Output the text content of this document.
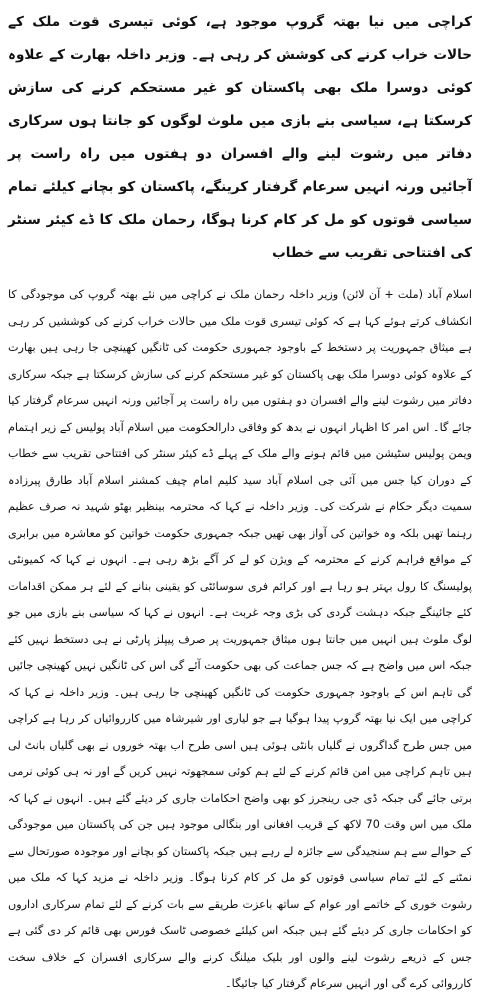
کراچی میں نیا بھتہ گروپ موجود ہے، کوئی تیسری قوت ملک کے حالات خراب کرنے کی کوشش کر رہی ہے۔ وزیر داخلہ بھارت کے علاوہ کوئی دوسرا ملک بھی پاکستان کو غیر مستحکم کرنے کی سازش کرسکتا ہے، سیاسی بنے بازی میں ملوث لوگوں کو جانتا ہوں سرکاری دفاتر میں رشوت لینے والے افسران دو ہفتوں میں راہ راست پر آجائیں ورنہ انہیں سرعام گرفتار کرینگے، پاکستان کو بچانے کیلئے تمام سیاسی قوتوں کو مل کر کام کرنا ہوگا، رحمان ملک کا ڈے کیئر سنٹر کی افتتاحی تقریب سے خطاب

اسلام آباد (ملت + آن لائن) وزیر داخلہ رحمان ملک نے کراچی میں نئے بھتہ گروپ کی موجودگی کا انکشاف کرتے ہوئے کہا ہے کہ کوئی تیسری قوت ملک میں حالات خراب کرنے کی کوششیں کر رہی ہے میثاق جمہوریت پر دستخط کے باوجود جمہوری حکومت کی ٹانگیں کھینچی جا رہی ہیں بھارت کے علاوہ کوئی دوسرا ملک بھی پاکستان کو غیر مستحکم کرنے کی سازش کرسکتا ہے جبکہ سرکاری دفاتر میں رشوت لینے والے افسران دو ہفتوں میں راہ راست پر آجائیں ورنہ انہیں سرعام گرفتار کیا جائے گا۔ اس امر کا اظہار انہوں نے بدھ کو وفاقی دارالحکومت میں اسلام آباد پولیس کے زیر اہتمام ویمن پولیس سٹیشن میں قائم ہونے والے ملک کے پہلے ڈے کیئر سنٹر کی افتتاحی تقریب سے خطاب کے دوران کیا جس میں آئی جی اسلام آباد سید کلیم امام چیف کمشنر اسلام آباد طارق پیرزادہ سمیت دیگر حکام نے شرکت کی۔ وزیر داخلہ نے کہا کہ محترمہ بینظیر بھٹو شہید نہ صرف عظیم رہنما تھیں بلکہ وہ خواتین کی آواز بھی تھیں جبکہ جمہوری حکومت خواتین کو معاشرہ میں برابری کے مواقع فراہم کرنے کے محترمہ کے ویژن کو لے کر آگے بڑھ رہی ہے۔ انہوں نے کہا کہ کمیونٹی پولیسنگ کا رول بہتر ہو رہا ہے اور کرائم فری سوسائٹی کو یقینی بنانے کے لئے ہر ممکن اقدامات کئے جائینگے جبکہ دہشت گردی کی بڑی وجہ غربت ہے۔ انہوں نے کہا کہ سیاسی بنے بازی میں جو لوگ ملوث ہیں انہیں میں جانتا ہوں میثاق جمہوریت پر صرف پیپلز پارٹی نے ہی دستخط نہیں کئے جبکہ اس میں واضح ہے کہ جس جماعت کی بھی حکومت آئے گی اس کی ٹانگیں نہیں کھینچی جائیں گی تاہم اس کے باوجود جمہوری حکومت کی ٹانگیں کھینچی جا رہی ہیں۔ وزیر داخلہ نے کہا کہ کراچی میں ایک نیا بھتہ گروپ پیدا ہوگیا ہے جو لیاری اور شیرشاہ میں کارروائیاں کر رہا ہے کراچی میں جس طرح گداگروں نے گلیاں بانٹی ہوئی ہیں اسی طرح اب بھتہ خوروں نے بھی گلیاں بانٹ لی ہیں تاہم کراچی میں امن قائم کرنے کے لئے ہم کوئی سمجھوتہ نہیں کریں گے اور نہ ہی کوئی نرمی برتی جائے گی جبکہ ڈی جی رینجرز کو بھی واضح احکامات جاری کر دیئے گئے ہیں۔ انہوں نے کہا کہ ملک میں اس وقت 70 لاکھ کے قریب افغانی اور بنگالی موجود ہیں جن کی پاکستان میں موجودگی کے حوالے سے ہم سنجیدگی سے جائزہ لے رہے ہیں جبکہ پاکستان کو بچانے اور موجودہ صورتحال سے نمٹنے کے لئے تمام سیاسی قوتوں کو مل کر کام کرنا ہوگا۔ وزیر داخلہ نے مزید کہا کہ ملک میں رشوت خوری کے خاتمے اور عوام کے ساتھ باعزت طریقے سے بات کرنے کے لئے تمام سرکاری اداروں کو احکامات جاری کر دیئے گئے ہیں جبکہ اس کیلئے خصوصی ٹاسک فورس بھی قائم کر دی گئی ہے جس کے ذریعے رشوت لینے والوں اور بلیک میلنگ کرنے والے سرکاری افسران کے خلاف سخت کارروائی کرے گی اور انہیں سرعام گرفتار کیا جائیگا۔
